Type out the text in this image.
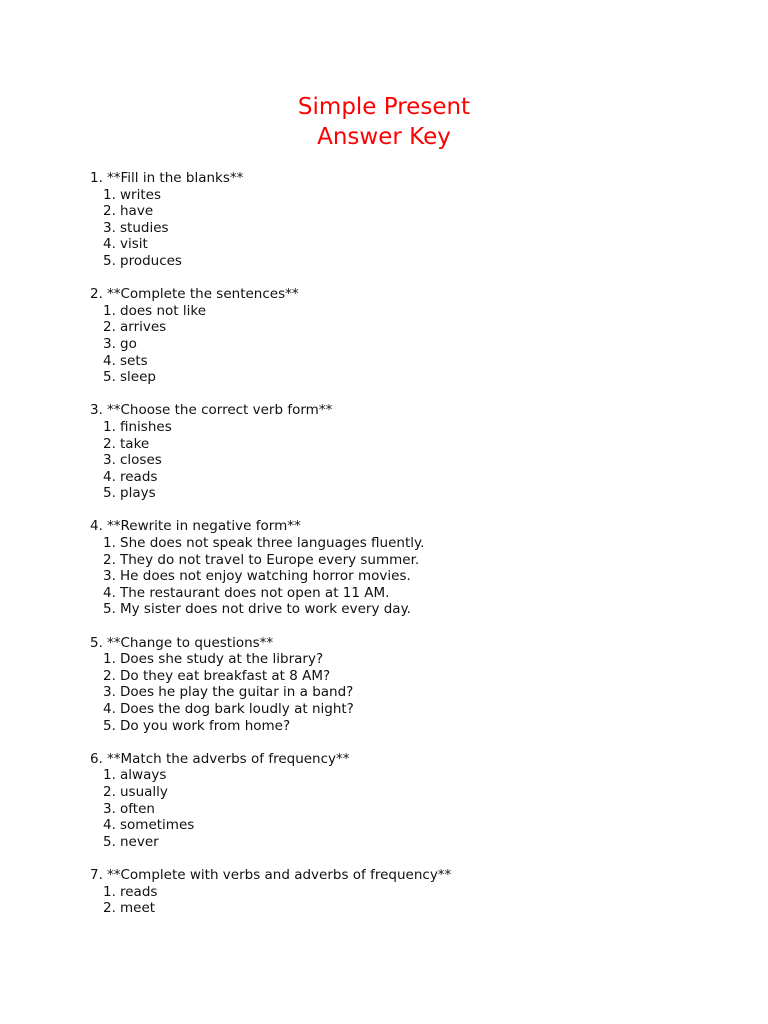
Simple Present
Answer Key
1. **Fill in the blanks**
1. writes
2. have
3. studies
4. visit
5. produces
2. **Complete the sentences**
1. does not like
2. arrives
3. go
4. sets
5. sleep
3. **Choose the correct verb form**
1. finishes
2. take
3. closes
4. reads
5. plays
4. **Rewrite in negative form**
1. She does not speak three languages fluently.
2. They do not travel to Europe every summer.
3. He does not enjoy watching horror movies.
4. The restaurant does not open at 11 AM.
5. My sister does not drive to work every day.
5. **Change to questions**
1. Does she study at the library?
2. Do they eat breakfast at 8 AM?
3. Does he play the guitar in a band?
4. Does the dog bark loudly at night?
5. Do you work from home?
6. **Match the adverbs of frequency**
1. always
2. usually
3. often
4. sometimes
5. never
7. **Complete with verbs and adverbs of frequency**
1. reads
2. meet
